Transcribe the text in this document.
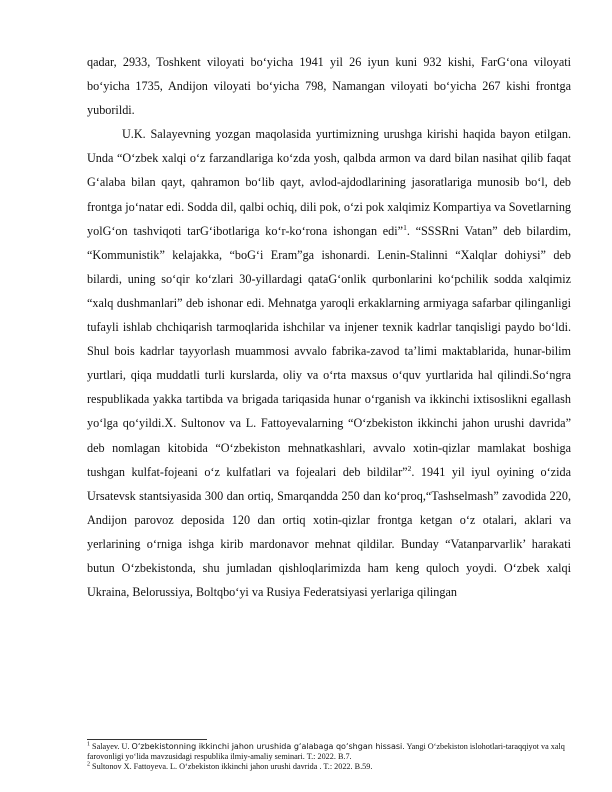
qadar, 2933, Toshkent viloyati bo‘yicha 1941 yil 26 iyun kuni 932 kishi, FarG‘ona viloyati bo‘yicha 1735, Andijon viloyati bo‘yicha 798, Namangan viloyati bo‘yicha 267 kishi frontga yuborildi.

U.K. Salayevning yozgan maqolasida yurtimizning urushga kirishi haqida bayon etilgan. Unda “O‘zbek xalqi o‘z farzandlariga ko‘zda yosh, qalbda armon va dard bilan nasihat qilib faqat G‘alaba bilan qayt, qahramon bo‘lib qayt, avlod-ajdodlarining jasoratlariga munosib bo‘l, deb frontga jo‘natar edi. Sodda dil, qalbi ochiq, dili pok, o‘zi pok xalqimiz Kompartiya va Sovetlarning yolG‘on tashviqoti tarG‘ibotlariga ko‘r-ko‘rona ishongan edi”$^1$. “SSSRni Vatan” deb bilardim, “Kommunistik” kelajakka, “boG‘i Eram”ga ishonardi. Lenin-Stalinni “Xalqlar dohiysi” deb bilardi, uning so‘qir ko‘zlari 30-yillardagi qataG‘onlik qurbonlarini ko‘pchilik sodda xalqimiz “xalq dushmanlari” deb ishonar edi. Mehnatga yaroqli erkaklarning armiyaga safarbar qilinganligi tufayli ishlab chchiqarish tarmoqlarida ishchilar va injener texnik kadrlar tanqisligi paydo bo‘ldi. Shul bois kadrlar tayyorlash muammosi avvalo fabrika-zavod ta’limi maktablarida, hunar-bilim yurtlari, qiqa muddatli turli kurslarda, oliy va o‘rta maxsus o‘quv yurtlarida hal qilindi.So‘ngra respublikada yakka tartibda va brigada tariqasida hunar o‘rganish va ikkinchi ixtisoslikni egallash yo‘lga qo‘yildi.X. Sultonov va L. Fattoyevalarning “O‘zbekiston ikkinchi jahon urushi davrida” deb nomlagan kitobida “O‘zbekiston mehnatkashlari, avvalo xotin-qizlar mamlakat boshiga tushgan kulfat-fojeani o‘z kulfatlari va fojealari deb bildilar”$^2$. 1941 yil iyul oyining o‘zida Ursatevsk stantsiyasida 300 dan ortiq, Smarqandda 250 dan ko‘proq,“Tashselmash” zavodida 220, Andijon parovoz deposida 120 dan ortiq xotin-qizlar frontga ketgan o‘z otalari, aklari va yerlarining o‘rniga ishga kirib mardonavor mehnat qildilar. Bunday “Vatanparvarlik’ harakati butun O‘zbekistonda, shu jumladan qishloqlarimizda ham keng quloch yoydi. O‘zbek xalqi Ukraina, Belorussiya, Boltqbo‘yi va Rusiya Federatsiyasi yerlariga qilingan

$^1$ Salayev. U. O‘zbekistonning ikkinchi jahon urushida g‘alabaga qo‘shgan hissasi. Yangi O‘zbekiston islohotlari-taraqqiyot va xalq farovonligi yo‘lida mavzusidagi respublika ilmiy-amaliy seminari. T.: 2022. B.7.

$^2$ Sultonov X. Fattoyeva. L. O‘zbekiston ikkinchi jahon urushi davrida . T.: 2022. B.59.
